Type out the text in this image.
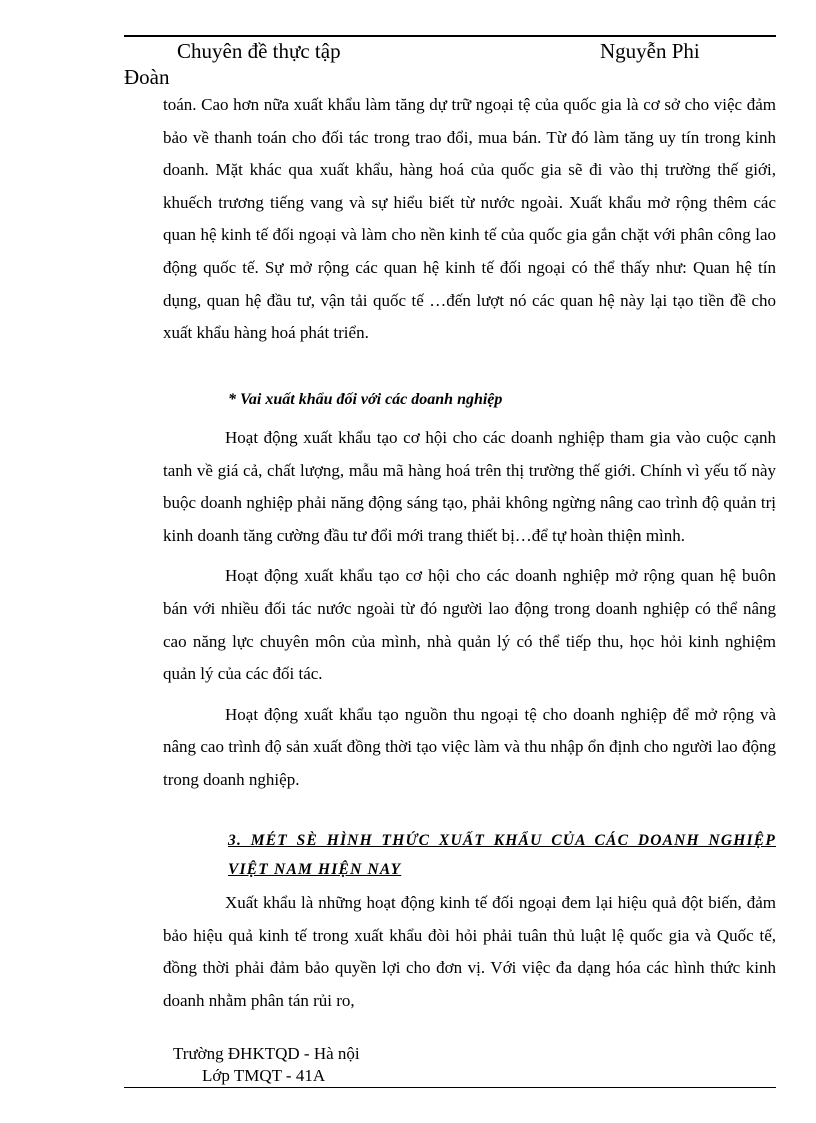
Chuyên đề thực tập	Nguyễn Phi
Đoàn

toán. Cao hơn nữa xuất khẩu làm tăng dự trữ ngoại tệ của quốc gia là cơ sở cho việc đảm bảo về thanh toán cho đối tác trong trao đổi, mua bán. Từ đó làm tăng uy tín trong kinh doanh. Mặt khác qua xuất khẩu, hàng hoá của quốc gia sẽ đi vào thị trường thế giới, khuếch trương tiếng vang và sự hiểu biết từ nước ngoài. Xuất khẩu mở rộng thêm các quan hệ kinh tế đối ngoại và làm cho nền kinh tế của quốc gia gắn chặt với phân công lao động quốc tế. Sự mở rộng các quan hệ kinh tế đối ngoại có thể thấy như: Quan hệ tín dụng, quan hệ đầu tư, vận tải quốc tế …đến lượt nó các quan hệ này lại tạo tiền đề cho xuất khẩu hàng hoá phát triển.

* Vai xuất khẩu đối với các doanh nghiệp

Hoạt động xuất khẩu tạo cơ hội cho các doanh nghiệp tham gia vào cuộc cạnh tanh về giá cả, chất lượng, mẫu mã hàng hoá trên thị trường thế giới. Chính vì yếu tố này buộc doanh nghiệp phải năng động sáng tạo, phải không ngừng nâng cao trình độ quản trị kinh doanh tăng cường đầu tư đổi mới trang thiết bị…để tự hoàn thiện mình.

Hoạt động xuất khẩu tạo cơ hội cho các doanh nghiệp mở rộng quan hệ buôn bán với nhiều đối tác nước ngoài từ đó người lao động trong doanh nghiệp có thể nâng cao năng lực chuyên môn của mình, nhà quản lý có thể tiếp thu, học hỏi kinh nghiệm quản lý của các đối tác.

Hoạt động xuất khẩu tạo nguồn thu ngoại tệ cho doanh nghiệp để mở rộng và nâng cao trình độ sản xuất đồng thời tạo việc làm và thu nhập ổn định cho người lao động trong doanh nghiệp.

3. MÉT SÈ HÌNH THỨC XUẤT KHẨU CỦA CÁC DOANH NGHIỆP VIỆT NAM HIỆN NAY

Xuất khẩu là những hoạt động kinh tế đối ngoại đem lại hiệu quả đột biến, đảm bảo hiệu quả kinh tế trong xuất khẩu đòi hỏi phải tuân thủ luật lệ quốc gia và Quốc tế, đồng thời phải đảm bảo quyền lợi cho đơn vị. Với việc đa dạng hóa các hình thức kinh doanh nhằm phân tán rủi ro,

Trường ĐHKTQD - Hà nội
Lớp TMQT - 41A
